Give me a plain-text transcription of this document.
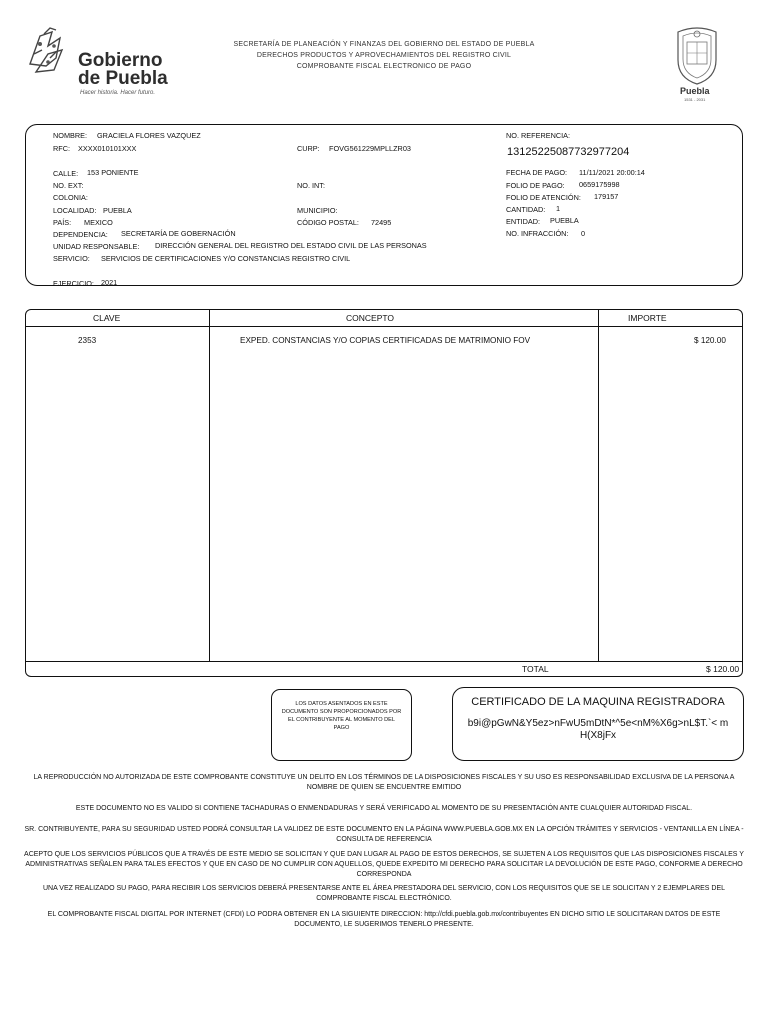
Gobierno
de Puebla
Hacer historia. Hacer futuro.
SECRETARÍA DE PLANEACIÓN Y FINANZAS DEL GOBIERNO DEL ESTADO DE PUEBLA
DERECHOS PRODUCTOS Y APROVECHAMIENTOS DEL REGISTRO CIVIL
COMPROBANTE FISCAL ELECTRONICO DE PAGO
Puebla
1531 - 2031
NOMBRE: GRACIELA FLORES VAZQUEZ
RFC: XXXX010101XXX	CURP: FOVG561229MPLLZR03
CALLE: 153 PONIENTE
NO. EXT:	NO. INT:
COLONIA:
LOCALIDAD: PUEBLA	MUNICIPIO:
PAÍS: MEXICO	CÓDIGO POSTAL: 72495
DEPENDENCIA: SECRETARÍA DE GOBERNACIÓN
UNIDAD RESPONSABLE: DIRECCIÓN GENERAL DEL REGISTRO DEL ESTADO CIVIL DE LAS PERSONAS
SERVICIO: SERVICIOS DE CERTIFICACIONES Y/O CONSTANCIAS REGISTRO CIVIL
EJERCICIO: 2021
NO. REFERENCIA:
13125225087732977204
FECHA DE PAGO: 11/11/2021 20:00:14
FOLIO DE PAGO: 0659175998
FOLIO DE ATENCIÓN: 179157
CANTIDAD: 1
ENTIDAD: PUEBLA
NO. INFRACCIÓN: 0
CLAVE	CONCEPTO	IMPORTE
2353	EXPED. CONSTANCIAS Y/O COPIAS CERTIFICADAS DE MATRIMONIO FOV	$ 120.00
TOTAL	$ 120.00
LOS DATOS ASENTADOS EN ESTE DOCUMENTO SON PROPORCIONADOS POR EL CONTRIBUYENTE AL MOMENTO DEL PAGO
CERTIFICADO DE LA MAQUINA REGISTRADORA
b9i@pGwN&Y5ez>nFwU5mDtN*^5e<nM%X6g>nL$T.`< mH(X8jFx
LA REPRODUCCIÓN NO AUTORIZADA DE ESTE COMPROBANTE CONSTITUYE UN DELITO EN LOS TÉRMINOS DE LA DISPOSICIONES FISCALES Y SU USO ES RESPONSABILIDAD EXCLUSIVA DE LA PERSONA A NOMBRE DE QUIEN SE ENCUENTRE EMITIDO
ESTE DOCUMENTO NO ES VALIDO SI CONTIENE TACHADURAS O ENMENDADURAS Y SERÁ VERIFICADO AL MOMENTO DE SU PRESENTACIÓN ANTE CUALQUIER AUTORIDAD FISCAL.
SR. CONTRIBUYENTE, PARA SU SEGURIDAD USTED PODRÁ CONSULTAR LA VALIDEZ DE ESTE DOCUMENTO EN LA PÁGINA WWW.PUEBLA.GOB.MX EN LA OPCIÓN TRÁMITES Y SERVICIOS - VENTANILLA EN LÍNEA - CONSULTA DE REFERENCIA
ACEPTO QUE LOS SERVICIOS PÚBLICOS QUE A TRAVÉS DE ESTE MEDIO SE SOLICITAN Y QUE DAN LUGAR AL PAGO DE ESTOS DERECHOS, SE SUJETEN A LOS REQUISITOS QUE LAS DISPOSICIONES FISCALES Y ADMINISTRATIVAS SEÑALEN PARA TALES EFECTOS Y QUE EN CASO DE NO CUMPLIR CON AQUELLOS, QUEDE EXPEDITO MI DERECHO PARA SOLICITAR LA DEVOLUCIÓN DE ESTE PAGO, CONFORME A DERECHO CORRESPONDA
UNA VEZ REALIZADO SU PAGO, PARA RECIBIR LOS SERVICIOS DEBERÁ PRESENTARSE ANTE EL ÁREA PRESTADORA DEL SERVICIO, CON LOS REQUISITOS QUE SE LE SOLICITAN Y 2 EJEMPLARES DEL COMPROBANTE FISCAL ELECTRÓNICO.
EL COMPROBANTE FISCAL DIGITAL POR INTERNET (CFDI) LO PODRA OBTENER EN LA SIGUIENTE DIRECCION: http://cfdi.puebla.gob.mx/contribuyentes EN DICHO SITIO LE SOLICITARAN DATOS DE ESTE DOCUMENTO, LE SUGERIMOS TENERLO PRESENTE.
